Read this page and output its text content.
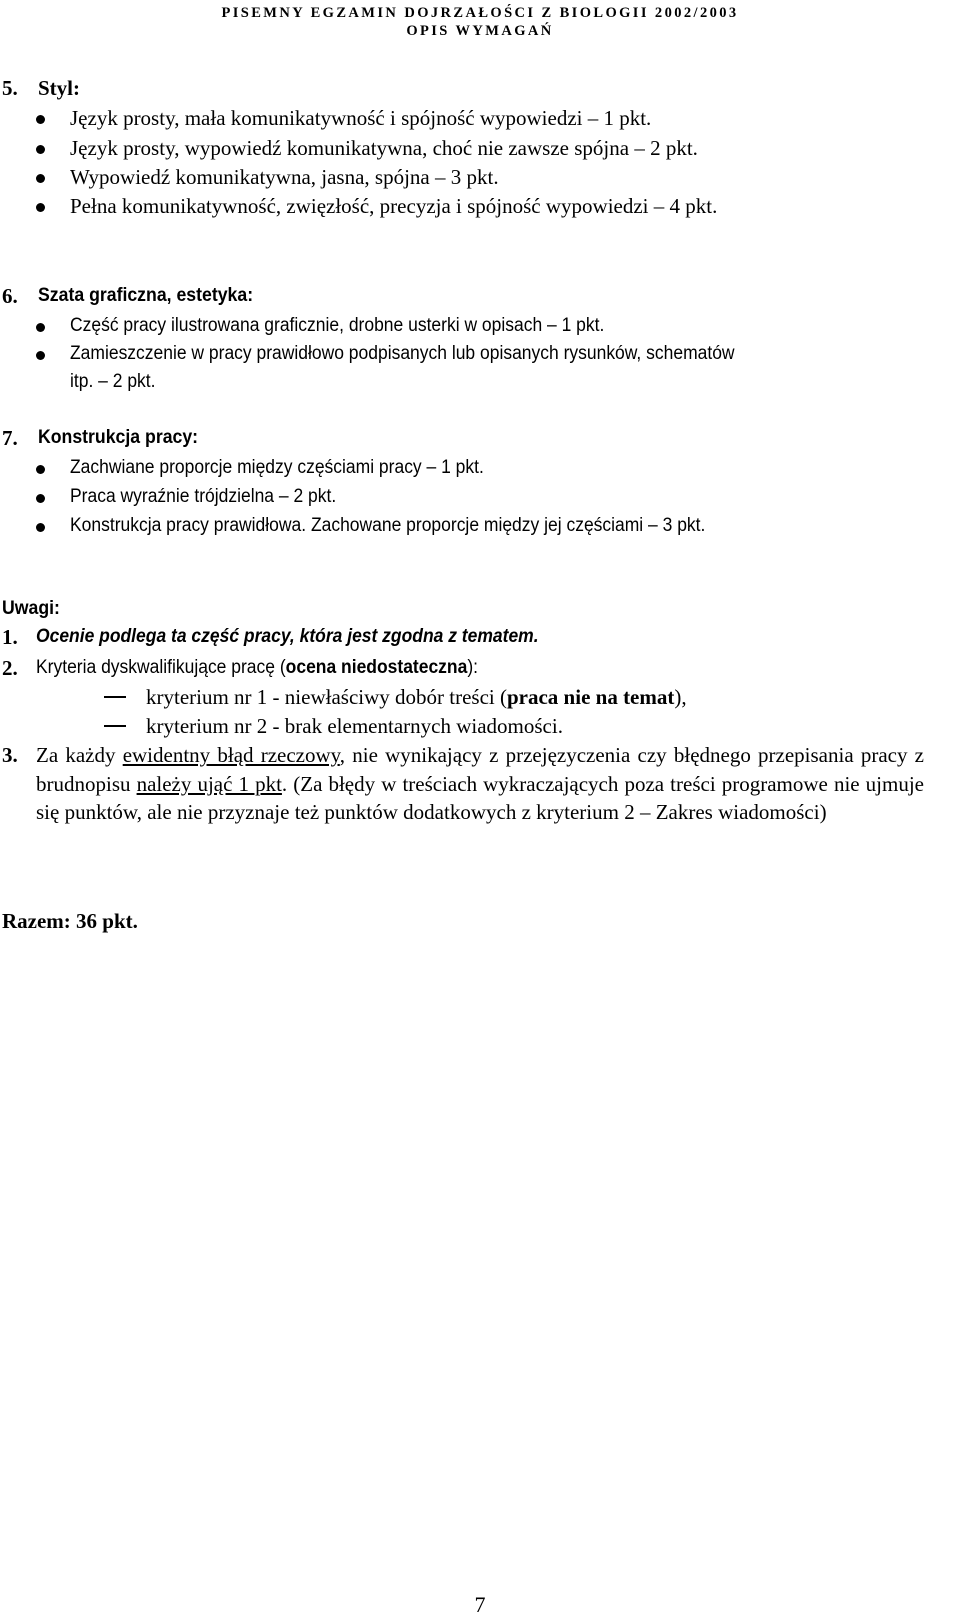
PISEMNY EGZAMIN DOJRZAŁOŚCI Z BIOLOGII 2002/2003
OPIS WYMAGAŃ
5. Styl:
Język prosty, mała komunikatywność i spójność wypowiedzi – 1 pkt.
Język prosty, wypowiedź komunikatywna, choć nie zawsze spójna – 2 pkt.
Wypowiedź komunikatywna, jasna, spójna – 3 pkt.
Pełna komunikatywność, zwięzłość, precyzja i spójność wypowiedzi – 4 pkt.
6. Szata graficzna, estetyka:
Część pracy ilustrowana graficznie, drobne usterki w opisach – 1 pkt.
Zamieszczenie w pracy prawidłowo podpisanych lub opisanych rysunków, schematów
itp. – 2 pkt.
7. Konstrukcja pracy:
Zachwiane proporcje między częściami pracy – 1 pkt.
Praca wyraźnie trójdzielna – 2 pkt.
Konstrukcja pracy prawidłowa. Zachowane proporcje między jej częściami – 3 pkt.
Uwagi:
1. Ocenie podlega ta część pracy, która jest zgodna z tematem.
2. Kryteria dyskwalifikujące pracę (ocena niedostateczna):
kryterium nr 1 - niewłaściwy dobór treści (praca nie na temat),
kryterium nr 2 - brak elementarnych wiadomości.
3. Za każdy ewidentny błąd rzeczowy, nie wynikający z przejęzyczenia czy błędnego przepisania pracy z brudnopisu należy ująć 1 pkt. (Za błędy w treściach wykraczających poza treści programowe nie ujmuje się punktów, ale nie przyznaje też punktów dodatkowych z kryterium 2 – Zakres wiadomości)
Razem: 36 pkt.
7
